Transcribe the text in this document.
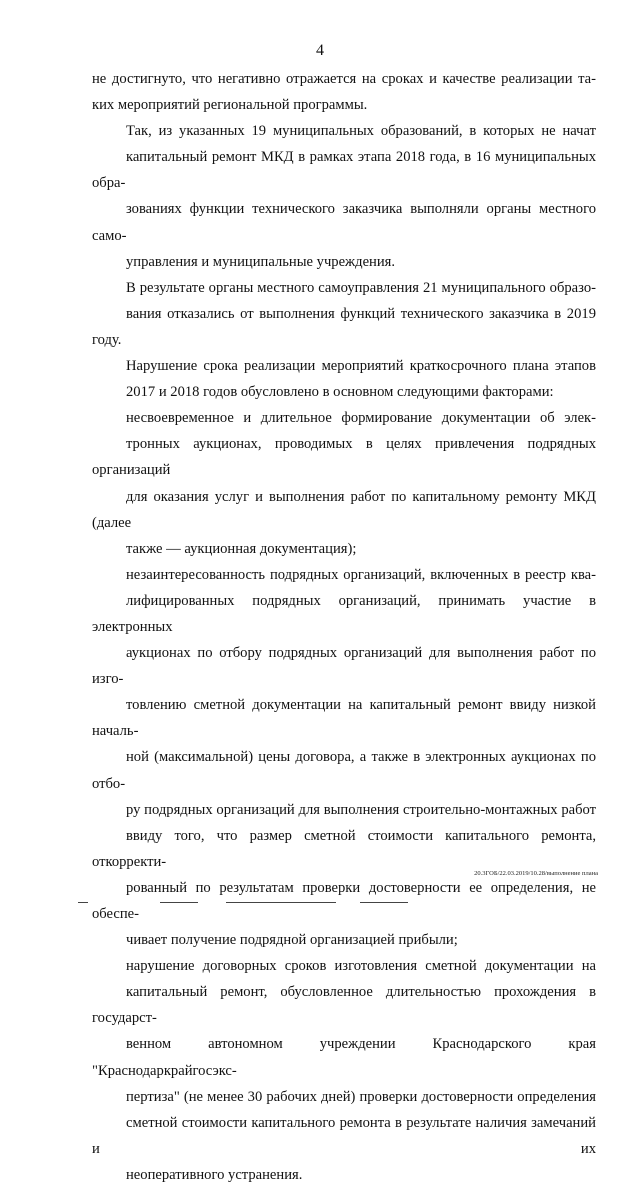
4

не достигнуто, что негативно отражается на сроках и качестве реализации та-
ких мероприятий региональной программы.

Так, из указанных 19 муниципальных образований, в которых не начат
капитальный ремонт МКД в рамках этапа 2018 года, в 16 муниципальных обра-
зованиях функции технического заказчика выполняли органы местного само-
управления и муниципальные учреждения.

В результате органы местного самоуправления 21 муниципального образо-
вания отказались от выполнения функций технического заказчика в 2019 году.

Нарушение срока реализации мероприятий краткосрочного плана этапов
2017 и 2018 годов обусловлено в основном следующими факторами:

несвоевременное и длительное формирование документации об элек-
тронных аукционах, проводимых в целях привлечения подрядных организаций
для оказания услуг и выполнения работ по капитальному ремонту МКД (далее
также — аукционная документация);

незаинтересованность подрядных организаций, включенных в реестр ква-
лифицированных подрядных организаций, принимать участие в электронных
аукционах по отбору подрядных организаций для выполнения работ по изго-
товлению сметной документации на капитальный ремонт ввиду низкой началь-
ной (максимальной) цены договора, а также в электронных аукционах по отбо-
ру подрядных организаций для выполнения строительно-монтажных работ
ввиду того, что размер сметной стоимости капитального ремонта, откорректи-
рованный по результатам проверки достоверности ее определения, не обеспе-
чивает получение подрядной организацией прибыли;

нарушение договорных сроков изготовления сметной документации на
капитальный ремонт, обусловленное длительностью прохождения в государст-
венном автономном учреждении Краснодарского края "Краснодаркрайгосэкс-
пертиза" (не менее 30 рабочих дней) проверки достоверности определения
сметной стоимости капитального ремонта в результате наличия замечаний и их
неоперативного устранения.

20.3ГОБ/22.03.2019/10.28/выполнение плана
